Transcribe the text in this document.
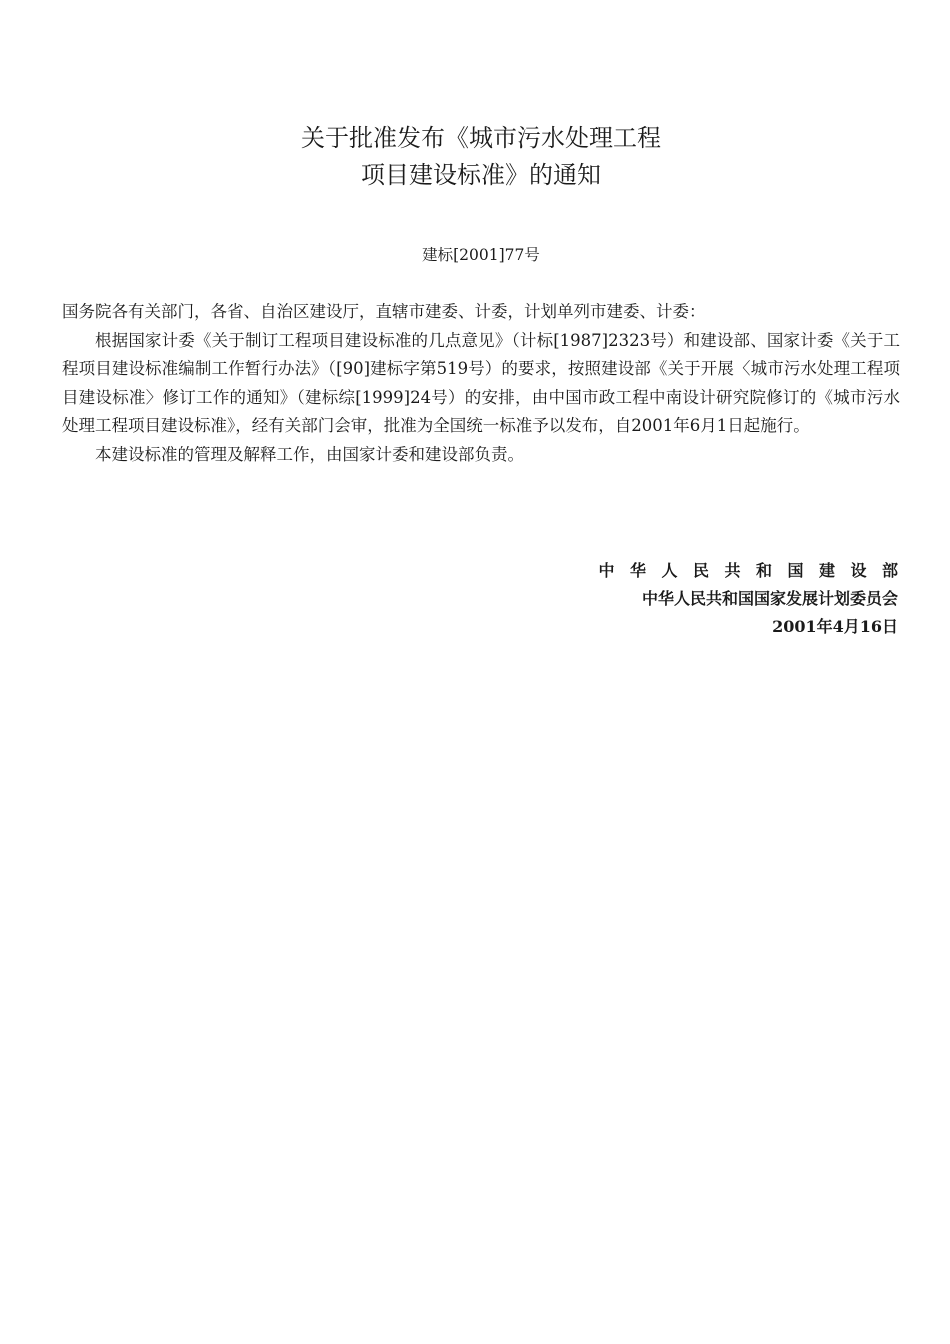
关于批准发布《城市污水处理工程
项目建设标准》的通知
建标[2001]77号

国务院各有关部门，各省、自治区建设厅，直辖市建委、计委，计划单列市建委、计委：

根据国家计委《关于制订工程项目建设标准的几点意见》（计标[1987]2323号）和建设部、国家计委《关于工程项目建设标准编制工作暂行办法》（[90]建标字第519号）的要求，按照建设部《关于开展〈城市污水处理工程项目建设标准〉修订工作的通知》（建标综[1999]24号）的安排，由中国市政工程中南设计研究院修订的《城市污水处理工程项目建设标准》，经有关部门会审，批准为全国统一标准予以发布，自2001年6月1日起施行。

本建设标准的管理及解释工作，由国家计委和建设部负责。

中华人民共和国建设部
中华人民共和国国家发展计划委员会
2001年4月16日
